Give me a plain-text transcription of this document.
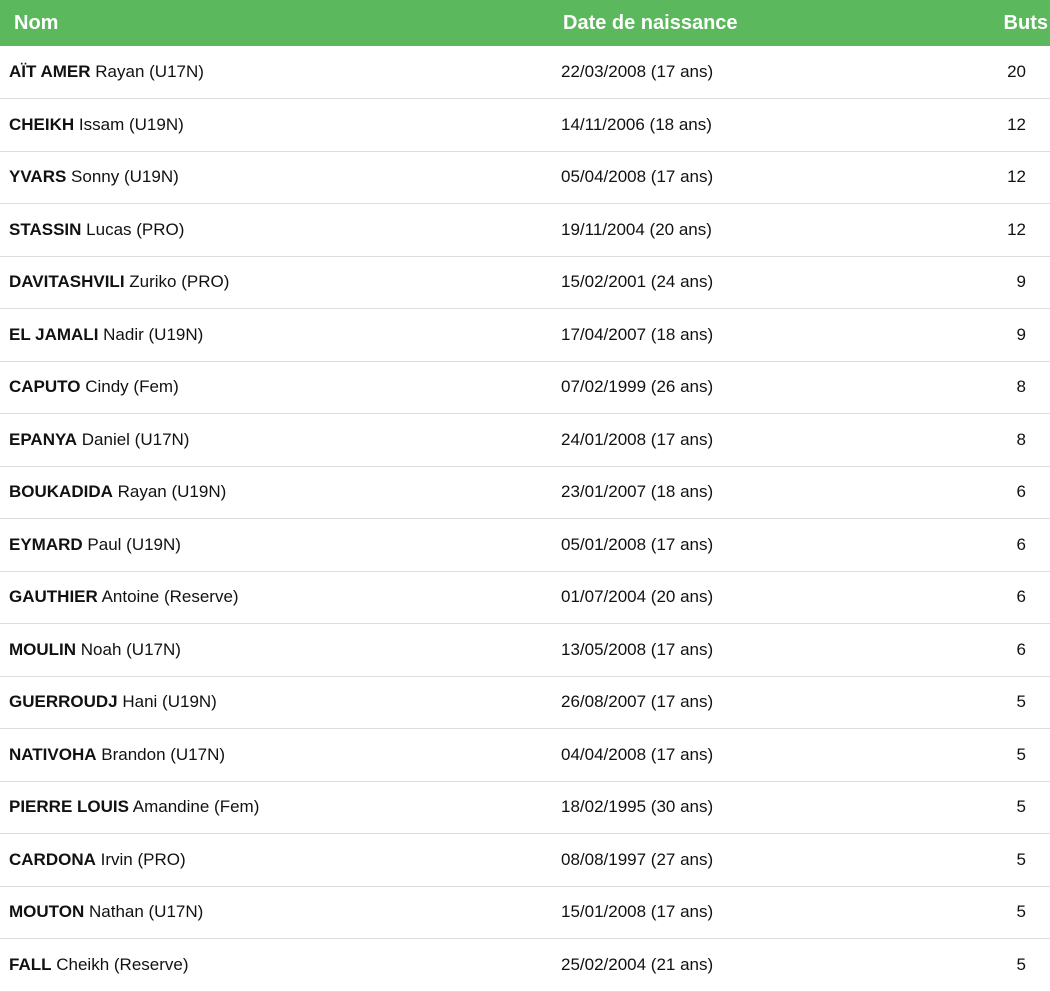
Nom	Date de naissance	Buts
AÏT AMER Rayan (U17N)	22/03/2008 (17 ans)	20
CHEIKH Issam (U19N)	14/11/2006 (18 ans)	12
YVARS Sonny (U19N)	05/04/2008 (17 ans)	12
STASSIN Lucas (PRO)	19/11/2004 (20 ans)	12
DAVITASHVILI Zuriko (PRO)	15/02/2001 (24 ans)	9
EL JAMALI Nadir (U19N)	17/04/2007 (18 ans)	9
CAPUTO Cindy (Fem)	07/02/1999 (26 ans)	8
EPANYA Daniel (U17N)	24/01/2008 (17 ans)	8
BOUKADIDA Rayan (U19N)	23/01/2007 (18 ans)	6
EYMARD Paul (U19N)	05/01/2008 (17 ans)	6
GAUTHIER Antoine (Reserve)	01/07/2004 (20 ans)	6
MOULIN Noah (U17N)	13/05/2008 (17 ans)	6
GUERROUDJ Hani (U19N)	26/08/2007 (17 ans)	5
NATIVOHA Brandon (U17N)	04/04/2008 (17 ans)	5
PIERRE LOUIS Amandine (Fem)	18/02/1995 (30 ans)	5
CARDONA Irvin (PRO)	08/08/1997 (27 ans)	5
MOUTON Nathan (U17N)	15/01/2008 (17 ans)	5
FALL Cheikh (Reserve)	25/02/2004 (21 ans)	5
